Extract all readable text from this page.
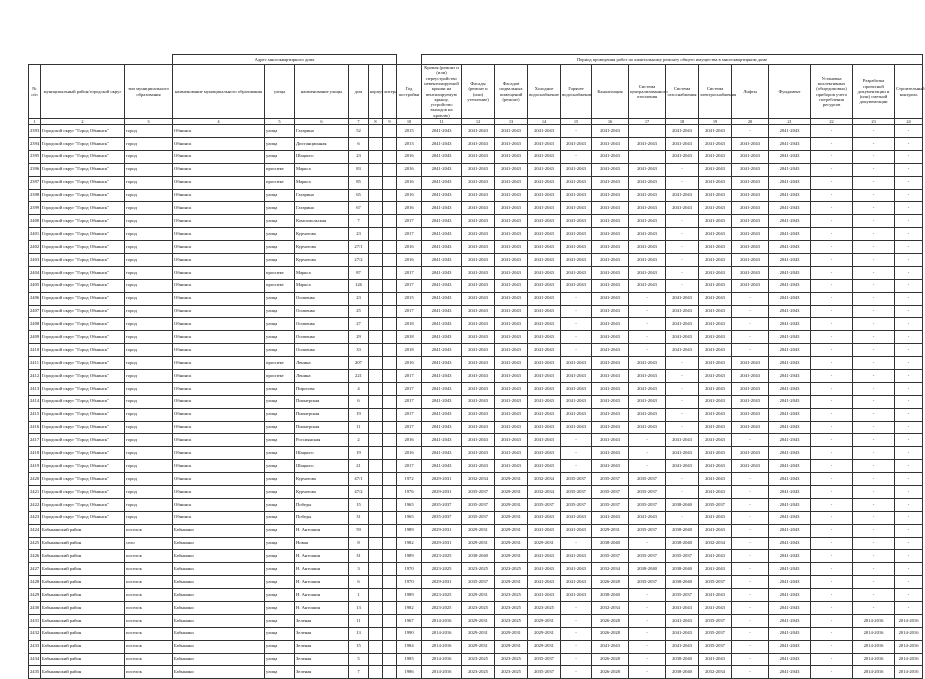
			Адрес многоквартирного дома							Период проведения работ по капитальному ремонту общего имущества в многоквартирном доме													
№ п/п	муниципальный район/городской округ	тип муниципального образования	наименование муниципального образования	улица	наименование улицы	дом	корпус	литера	Год постройки	Кровля (ремонт и (или) переустройство невентилируемой крыши на вентилируемую крышу, устройство выходов на кровлю)	Фасады (ремонт и (или) утепление)	Фасадов подвальных помещений (ремонт)	Холодное водоснабжение	Горячее водоснабжение	Канализация	Система централизованного отопления	Система газоснабжения	Система электроснабжения	Лифты	Фундамент	Установка коллективных (общедомовых) приборов учета потребления ресурсов	Разработка проектной документации и (или) сметной документации	Строительный контроль
1	2	3	4	5	6	7	8	9	10	11	12	13	14	15	16	17	18	19	20	21	22	23	24
2393	Городской округ "Город Обнинск"	город	Обнинск	улица	Гагарина	52			2015	2041-2043	2041-2043	2041-2043	2041-2043	-	2041-2043		2041-2043	2041-2043	-	2041-2043	-	-	-
2394	Городской округ "Город Обнинск"	город	Обнинск	улица	Дистанционная	6			2013	2041-2043	2041-2043	2041-2043	2041-2043	2041-2043	2041-2043	2041-2043	2041-2043	2041-2043	2041-2043	2041-2043	-	-	-
2395	Городской округ "Город Обнинск"	город	Обнинск	улица	Шацкого	23			2016	2041-2043	2041-2043	2041-2043	2041-2043	-	2041-2043		2041-2043	2041-2043	2041-2043	2041-2043	-	-	-
2396	Городской округ "Город Обнинск"	город	Обнинск	проспект	Маркса	83			2016	2041-2043	2041-2043	2041-2043	2041-2043	2041-2043	2041-2043	2041-2043	-	2041-2043	2041-2043	2041-2043	-	-	-
2397	Городской округ "Город Обнинск"	город	Обнинск	проспект	Маркса	85			2016	2041-2043	2041-2043	2041-2043	2041-2043	2041-2043	2041-2043	2041-2043	-	2041-2043	2041-2043	2041-2043	-	-	-
2398	Городской округ "Город Обнинск"	город	Обнинск	улица	Гагарина	65			2016	2041-2043	2041-2043	2041-2043	2041-2043	2041-2043	2041-2043	2041-2043	2041-2043	2041-2043	2041-2043	2041-2043	-	-	-
2399	Городской округ "Город Обнинск"	город	Обнинск	улица	Гагарина	67			2016	2041-2043	2041-2043	2041-2043	2041-2043	2041-2043	2041-2043	2041-2043	2041-2043	2041-2043	2041-2043	2041-2043	-	-	-
2400	Городской округ "Город Обнинск"	город	Обнинск	улица	Комсомольская	7			2017	2041-2043	2041-2043	2041-2043	2041-2043	2041-2043	2041-2043	2041-2043	-	2041-2043	2041-2043	2041-2043	-	-	-
2401	Городской округ "Город Обнинск"	город	Обнинск	улица	Курчатова	23			2017	2041-2043	2041-2043	2041-2043	2041-2043	2041-2043	2041-2043	2041-2043	-	2041-2043	2041-2043	2041-2043	-	-	-
2402	Городской округ "Город Обнинск"	город	Обнинск	улица	Курчатова	27/1			2016	2041-2043	2041-2043	2041-2043	2041-2043	2041-2043	2041-2043	2041-2043	-	2041-2043	2041-2043	2041-2043	-	-	-
2403	Городской округ "Город Обнинск"	город	Обнинск	улица	Курчатова	27/2			2016	2041-2043	2041-2043	2041-2043	2041-2043	2041-2043	2041-2043	2041-2043	-	2041-2043	2041-2043	2041-2043	-	-	-
2404	Городской округ "Город Обнинск"	город	Обнинск	проспект	Маркса	87			2017	2041-2043	2041-2043	2041-2043	2041-2043	2041-2043	2041-2043	2041-2043	-	2041-2043	2041-2043	2041-2043	-	-	-
2405	Городской округ "Город Обнинск"	город	Обнинск	проспект	Маркса	126			2017	2041-2043	2041-2043	2041-2043	2041-2043	2041-2043	2041-2043	2041-2043	-	2041-2043	2041-2043	2041-2043	-	-	-
2406	Городской округ "Город Обнинск"	город	Обнинск	улица	Осипенко	23			2015	2041-2043	2041-2043	2041-2043	2041-2043	-	2041-2043	-	2041-2043	2041-2043	-	2041-2043	-	-	-
2407	Городской округ "Город Обнинск"	город	Обнинск	улица	Осипенко	25			2017	2041-2043	2041-2043	2041-2043	2041-2043	-	2041-2043	-	2041-2043	2041-2043	-	2041-2043	-	-	-
2408	Городской округ "Город Обнинск"	город	Обнинск	улица	Осипенко	27			2018	2041-2043	2041-2043	2041-2043	2041-2043	-	2041-2043	-	2041-2043	2041-2043	-	2041-2043	-	-	-
2409	Городской округ "Город Обнинск"	город	Обнинск	улица	Осипенко	29			2018	2041-2043	2041-2043	2041-2043	2041-2043	-	2041-2043	-	2041-2043	2041-2043	-	2041-2043	-	-	-
2410	Городской округ "Город Обнинск"	город	Обнинск	улица	Осипенко	33			2018	2041-2043	2041-2043	2041-2043	2041-2043	-	2041-2043	-	2041-2043	2041-2043	-	2041-2043	-	-	-
2411	Городской округ "Город Обнинск"	город	Обнинск	проспект	Ленина	207			2016	2041-2043	2041-2043	2041-2043	2041-2043	2041-2043	2041-2043	2041-2043	-	2041-2043	2041-2043	2041-2043	-	-	-
2412	Городской округ "Город Обнинск"	город	Обнинск	проспект	Ленина	221			2017	2041-2043	2041-2043	2041-2043	2041-2043	2041-2043	2041-2043	2041-2043	-	2041-2043	2041-2043	2041-2043	-	-	-
2413	Городской округ "Город Обнинск"	город	Обнинск	улица	Пирогова	4			2017	2041-2043	2041-2043	2041-2043	2041-2043	2041-2043	2041-2043	2041-2043	-	2041-2043	2041-2043	2041-2043	-	-	-
2414	Городской округ "Город Обнинск"	город	Обнинск	улица	Пионерская	6			2017	2041-2043	2041-2043	2041-2043	2041-2043	2041-2043	2041-2043	2041-2043	-	2041-2043	2041-2043	2041-2043	-	-	-
2415	Городской округ "Город Обнинск"	город	Обнинск	улица	Пионерская	19			2017	2041-2043	2041-2043	2041-2043	2041-2043	2041-2043	2041-2043	2041-2043	-	2041-2043	2041-2043	2041-2043	-	-	-
2416	Городской округ "Город Обнинск"	город	Обнинск	улица	Пионерская	11			2017	2041-2043	2041-2043	2041-2043	2041-2043	2041-2043	2041-2043	2041-2043	-	2041-2043	2041-2043	2041-2043	-	-	-
2417	Городской округ "Город Обнинск"	город	Обнинск	улица	Россиянская	2			2016	2041-2043	2041-2043	2041-2043	2041-2043	-	2041-2043	-	2041-2043	2041-2043	-	2041-2043	-	-	-
2418	Городской округ "Город Обнинск"	город	Обнинск	улица	Шацкого	19			2016	2041-2043	2041-2043	2041-2043	2041-2043	-	2041-2043	-	2041-2043	2041-2043	2041-2043	2041-2043	-	-	-
2419	Городской округ "Город Обнинск"	город	Обнинск	улица	Шацкого	21			2017	2041-2043	2041-2043	2041-2043	2041-2043	-	2041-2043	-	2041-2043	2041-2043	2041-2043	2041-2043	-	-	-
2420	Городской округ "Город Обнинск"	город	Обнинск	улица	Курчатова	47/1			1972	2029-2031	2032-2034	2029-2031	2032-2034	2035-2037	2035-2037	2035-2037	-	2041-2043	-	2041-2043	-	-	-
2421	Городской округ "Город Обнинск"	город	Обнинск	улица	Курчатова	47/2			1976	2029-2031	2035-2037	2029-2031	2032-2034	2035-2037	2035-2037	2035-2037	-	2041-2043	-	2041-2043	-	-	-
2422	Городской округ "Город Обнинск"	город	Обнинск	улица	Победы	15			1965	2035-2037	2035-2037	2029-2031	2035-2037	2035-2037	2035-2037	2035-2037	2038-2040	2035-2037	-	2041-2043	-	-	-
2423	Городской округ "Город Обнинск"	город	Обнинск	улица	Победы	31			1965	2035-2037	2035-2037	2029-2031	2041-2043	2041-2043	2041-2043	2041-2043	-	2041-2043	-	2041-2043	-	-	-
2424	Бабынинский район	поселок	Бабынино	улица	Н. Антошин	59			1989	2029-2031	2029-2031	2029-2031	2041-2043	2041-2043	2029-2031	2035-2037	2038-2040	2041-2043	-	2041-2043	-	-	-
2425	Бабынинский район	село	Бабынино	улица	Новая	8			1982	2029-2031	2029-2031	2029-2031	2029-2031	-	2038-2040	-	2038-2040	2032-2034	-	2041-2043	-	-	-
2426	Бабынинский район	поселок	Бабынино	улица	Н. Антошин	31			1989	2023-2025	2038-2040	2029-2031	2041-2043	2041-2043	2035-2037	2035-2037	2035-2037	2041-2043	-	2041-2043	-	-	-
2427	Бабынинский район	поселок	Бабынино	улица	Н. Антошин	3			1970	2023-2025	2023-2025	2023-2025	2041-2043	2041-2043	2032-2034	2038-2040	2038-2040	2041-2043	-	2041-2043	-	-	-
2428	Бабынинский район	поселок	Бабынино	улица	Н. Антошин	6			1970	2029-2031	2035-2037	2029-2031	2041-2043	2041-2043	2026-2028	2035-2037	2038-2040	2035-2037	-	2041-2043	-	-	-
2429	Бабынинский район	поселок	Бабынино	улица	Н. Антошин	1			1989	2023-2025	2029-2031	2023-2025	2041-2043	2041-2043	2038-2040	-	2035-2037	2041-2043	-	2041-2043	-	-	-
2430	Бабынинский район	поселок	Бабынино	улица	Н. Антошин	13			1982	2023-2025	2023-2025	2023-2025	2023-2025	-	2032-2034	-	2041-2043	2041-2043	-	2041-2043	-	-	-
2431	Бабынинский район	поселок	Бабынино	улица	Зеленая	11			1967	2014-2016	2029-2031	2023-2025	2029-2031	-	2026-2028	-	2041-2043	2035-2037	-	2041-2043	-	2014-2016	2014-2016
2432	Бабынинский район	поселок	Бабынино	улица	Зеленая	13			1990	2014-2016	2029-2031	2029-2031	2029-2031	-	2026-2028	-	2041-2043	2035-2037	-	2041-2043	-	2014-2016	2014-2016
2433	Бабынинский район	поселок	Бабынино	улица	Зеленая	15			1984	2014-2016	2029-2031	2029-2031	2029-2031	-	2041-2043	-	2041-2043	2035-2037	-	2041-2043	-	2014-2016	2014-2016
2434	Бабынинский район	поселок	Бабынино	улица	Зеленая	5			1985	2014-2016	2023-2025	2023-2025	2035-2037	-	2026-2028	-	2038-2040	2041-2043	-	2041-2043	-	2014-2016	2014-2016
2435	Бабынинский район	поселок	Бабынино	улица	Зеленая	7			1986	2014-2016	2023-2025	2023-2025	2035-2037	-	2026-2028	-	2038-2040	2032-2034	-	2041-2043	-	2014-2016	2014-2016
